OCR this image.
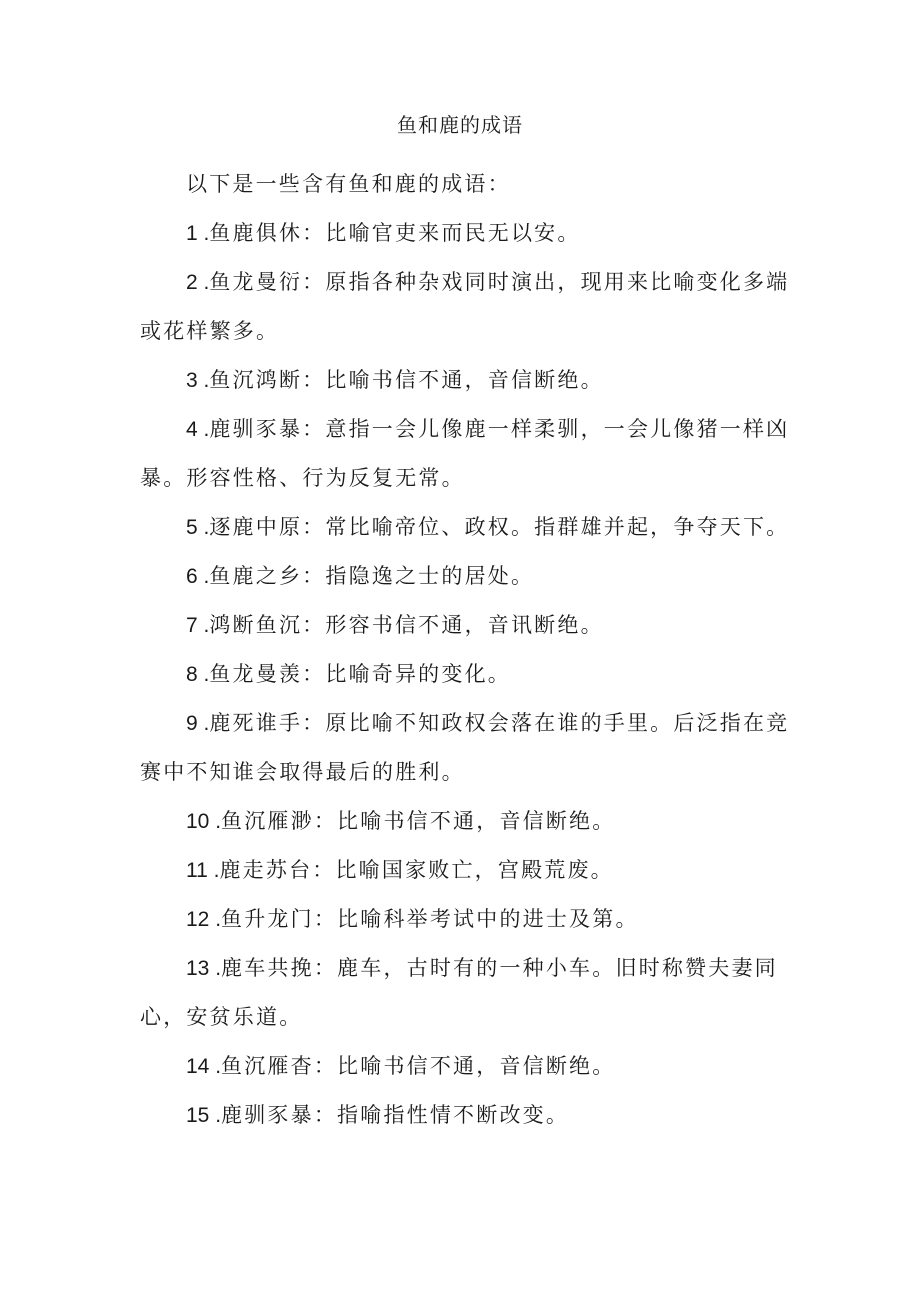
鱼和鹿的成语

以下是一些含有鱼和鹿的成语：

1 .鱼鹿俱休 ： 比喻官吏来而民无以安。

2 .鱼龙曼衍 ： 原指各种杂戏同时演出，现用来比喻变化多端或花样繁多。

3 .鱼沉鸿断 ： 比喻书信不通，音信断绝。

4 .鹿驯豕暴 ： 意指一会儿像鹿一样柔驯，一会儿像猪一样凶暴。形容性格、行为反复无常。

5 .逐鹿中原 ： 常比喻帝位、政权。指群雄并起，争夺天下。

6 .鱼鹿之乡 ： 指隐逸之士的居处。

7 .鸿断鱼沉 ： 形容书信不通，音讯断绝。

8 .鱼龙曼羡 ： 比喻奇异的变化。

9 .鹿死谁手 ： 原比喻不知政权会落在谁的手里。后泛指在竞赛中不知谁会取得最后的胜利。

10 .鱼沉雁渺 ： 比喻书信不通，音信断绝。

11 .鹿走苏台 ： 比喻国家败亡，宫殿荒废。

12 .鱼升龙门 ： 比喻科举考试中的进士及第。

13 .鹿车共挽 ： 鹿车，古时有的一种小车。旧时称赞夫妻同心，安贫乐道。

14 .鱼沉雁杳 ： 比喻书信不通，音信断绝。

15 .鹿驯豕暴 ： 指喻指性情不断改变。
